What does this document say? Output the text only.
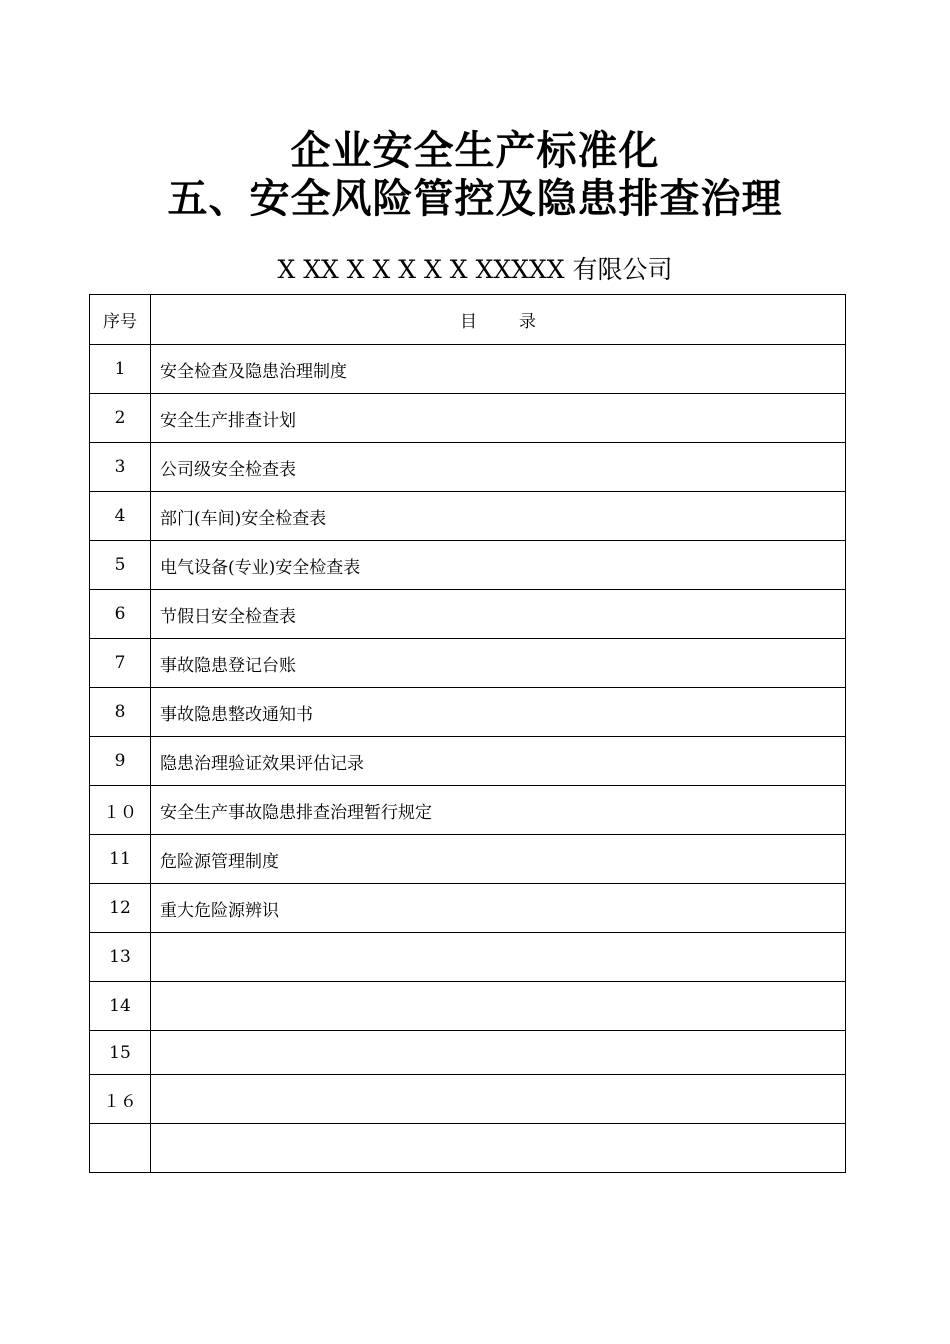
企业安全生产标准化
五、安全风险管控及隐患排查治理
X XX X X X X X XXXXX 有限公司
序号	目录
1	安全检查及隐患治理制度
2	安全生产排查计划
3	公司级安全检查表
4	部门(车间)安全检查表
5	电气设备(专业)安全检查表
6	节假日安全检查表
7	事故隐患登记台账
8	事故隐患整改通知书
9	隐患治理验证效果评估记录
１０	安全生产事故隐患排查治理暂行规定
11	危险源管理制度
12	重大危险源辨识
13	
14	
15	
１６	
